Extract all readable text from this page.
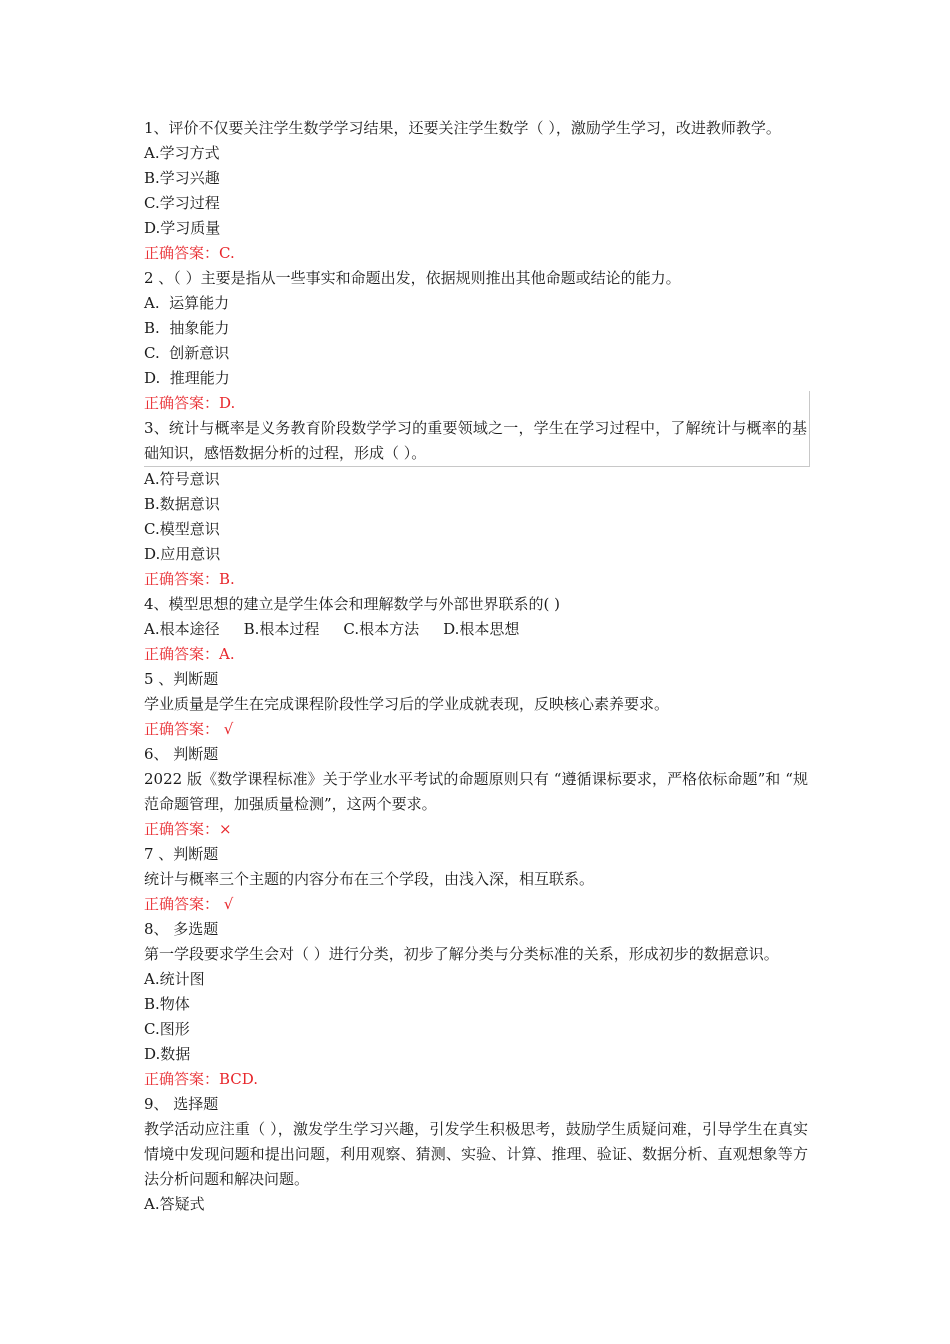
1、评价不仅要关注学生数学学习结果，还要关注学生数学（ ），激励学生学习，改进教师教学。
A.学习方式
B.学习兴趣
C.学习过程
D.学习质量
正确答案：C.
2 、（ ）主要是指从一些事实和命题出发，依据规则推出其他命题或结论的能力。
A.  运算能力
B.  抽象能力
C.  创新意识
D.  推理能力
正确答案：D.
3、统计与概率是义务教育阶段数学学习的重要领域之一，学生在学习过程中，了解统计与概率的基础知识，感悟数据分析的过程，形成（ ）。
A.符号意识
B.数据意识
C.模型意识
D.应用意识
正确答案：B.
4、模型思想的建立是学生体会和理解数学与外部世界联系的( )
A.根本途径 B.根本过程 C.根本方法 D.根本思想
正确答案：A.
5 、判断题
学业质量是学生在完成课程阶段性学习后的学业成就表现，反映核心素养要求。
正确答案： √
6、 判断题
2022 版《数学课程标准》关于学业水平考试的命题原则只有 “遵循课标要求，严格依标命题”和 “规范命题管理，加强质量检测”，这两个要求。
正确答案：×
7 、判断题
统计与概率三个主题的内容分布在三个学段，由浅入深，相互联系。
正确答案： √
8、 多选题
第一学段要求学生会对（ ）进行分类，初步了解分类与分类标准的关系，形成初步的数据意识。
A.统计图
B.物体
C.图形
D.数据
正确答案：BCD.
9、 选择题
教学活动应注重（ ），激发学生学习兴趣，引发学生积极思考，鼓励学生质疑问难，引导学生在真实情境中发现问题和提出问题，利用观察、猜测、实验、计算、推理、验证、数据分析、直观想象等方法分析问题和解决问题。
A.答疑式
